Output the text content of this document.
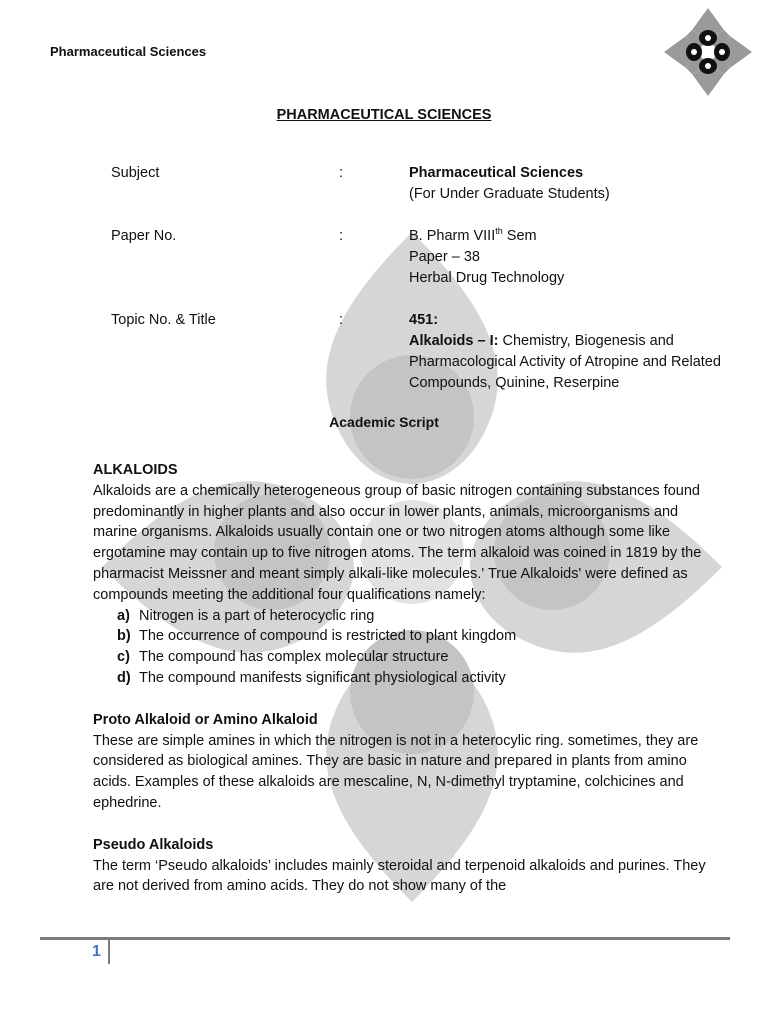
Pharmaceutical Sciences
PHARMACEUTICAL SCIENCES
Subject	:	Pharmaceutical Sciences
(For Under Graduate Students)
Paper No.	:	B. Pharm VIIIth Sem
Paper – 38
Herbal Drug Technology
Topic No. & Title	:	451:
Alkaloids – I: Chemistry, Biogenesis and Pharmacological Activity of Atropine and Related Compounds, Quinine, Reserpine
Academic Script

ALKALOIDS

Alkaloids are a chemically heterogeneous group of basic nitrogen containing substances found predominantly in higher plants and also occur in lower plants, animals, microorganisms and marine organisms. Alkaloids usually contain one or two nitrogen atoms although some like ergotamine may contain up to five nitrogen atoms. The term alkaloid was coined in 1819 by the pharmacist Meissner and meant simply alkali-like molecules.' True Alkaloids' were defined as compounds meeting the additional four qualifications namely:

a) Nitrogen is a part of heterocyclic ring
b) The occurrence of compound is restricted to plant kingdom
c) The compound has complex molecular structure
d) The compound manifests significant physiological activity

Proto Alkaloid or Amino Alkaloid

These are simple amines in which the nitrogen is not in a heterocylic ring. sometimes, they are considered as biological amines. They are basic in nature and prepared in plants from amino acids. Examples of these alkaloids are mescaline, N, N-dimethyl tryptamine, colchicines and ephedrine.

Pseudo Alkaloids

The term ‘Pseudo alkaloids’ includes mainly steroidal and terpenoid alkaloids and purines. They are not derived from amino acids. They do not show many of the

1
